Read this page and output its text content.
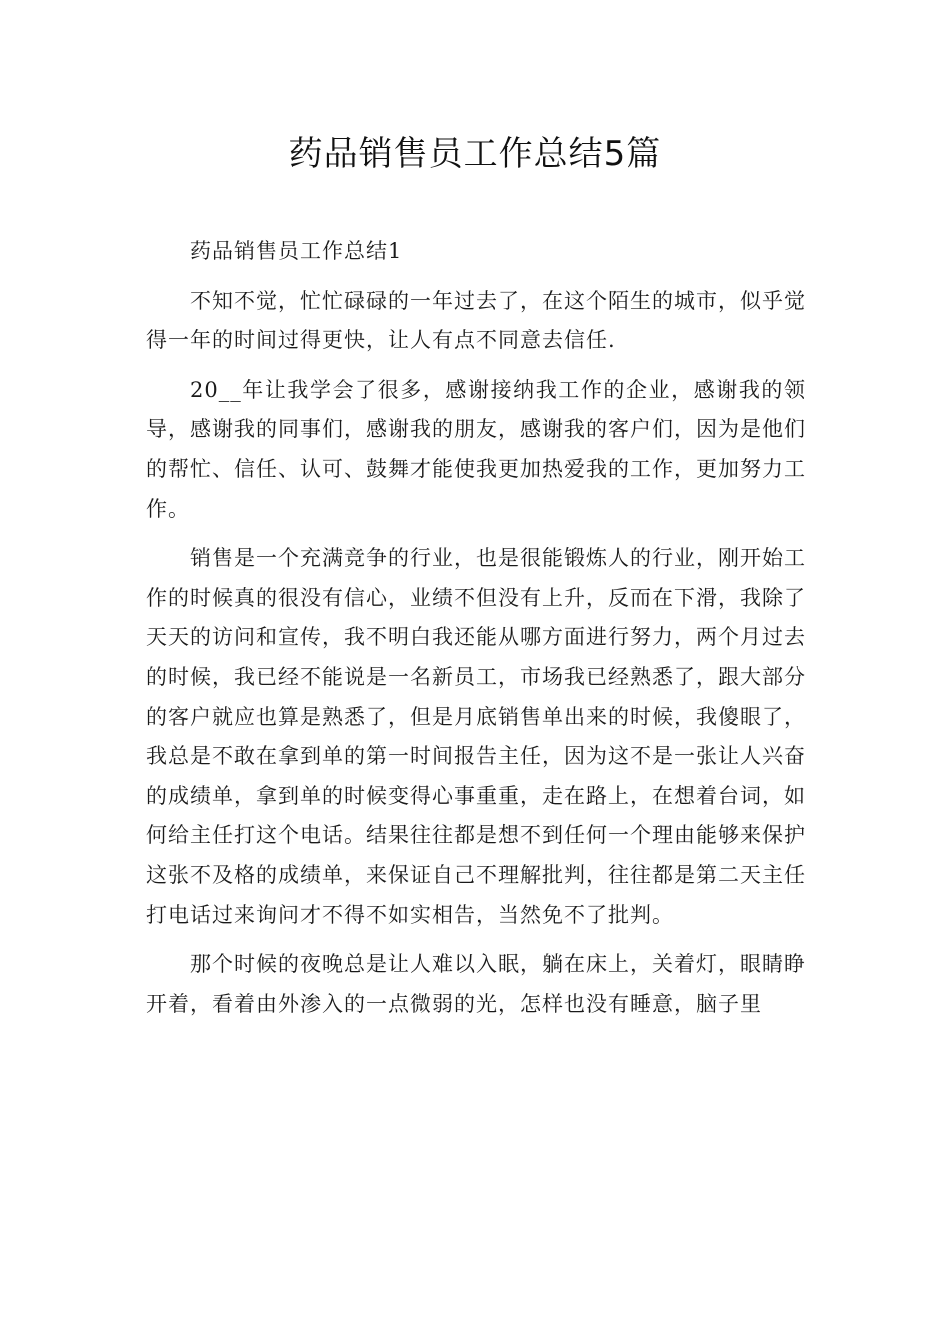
药品销售员工作总结5篇

药品销售员工作总结1

不知不觉，忙忙碌碌的一年过去了，在这个陌生的城市，似乎觉得一年的时间过得更快，让人有点不同意去信任.

20__年让我学会了很多，感谢接纳我工作的企业，感谢我的领导，感谢我的同事们，感谢我的朋友，感谢我的客户们，因为是他们的帮忙、信任、认可、鼓舞才能使我更加热爱我的工作，更加努力工作。

销售是一个充满竞争的行业，也是很能锻炼人的行业，刚开始工作的时候真的很没有信心，业绩不但没有上升，反而在下滑，我除了天天的访问和宣传，我不明白我还能从哪方面进行努力，两个月过去的时候，我已经不能说是一名新员工，市场我已经熟悉了，跟大部分的客户就应也算是熟悉了，但是月底销售单出来的时候，我傻眼了，我总是不敢在拿到单的第一时间报告主任，因为这不是一张让人兴奋的成绩单，拿到单的时候变得心事重重，走在路上，在想着台词，如何给主任打这个电话。结果往往都是想不到任何一个理由能够来保护这张不及格的成绩单，来保证自己不理解批判，往往都是第二天主任打电话过来询问才不得不如实相告，当然免不了批判。

那个时候的夜晚总是让人难以入眠，躺在床上，关着灯，眼睛睁开着，看着由外渗入的一点微弱的光，怎样也没有睡意，脑子里
